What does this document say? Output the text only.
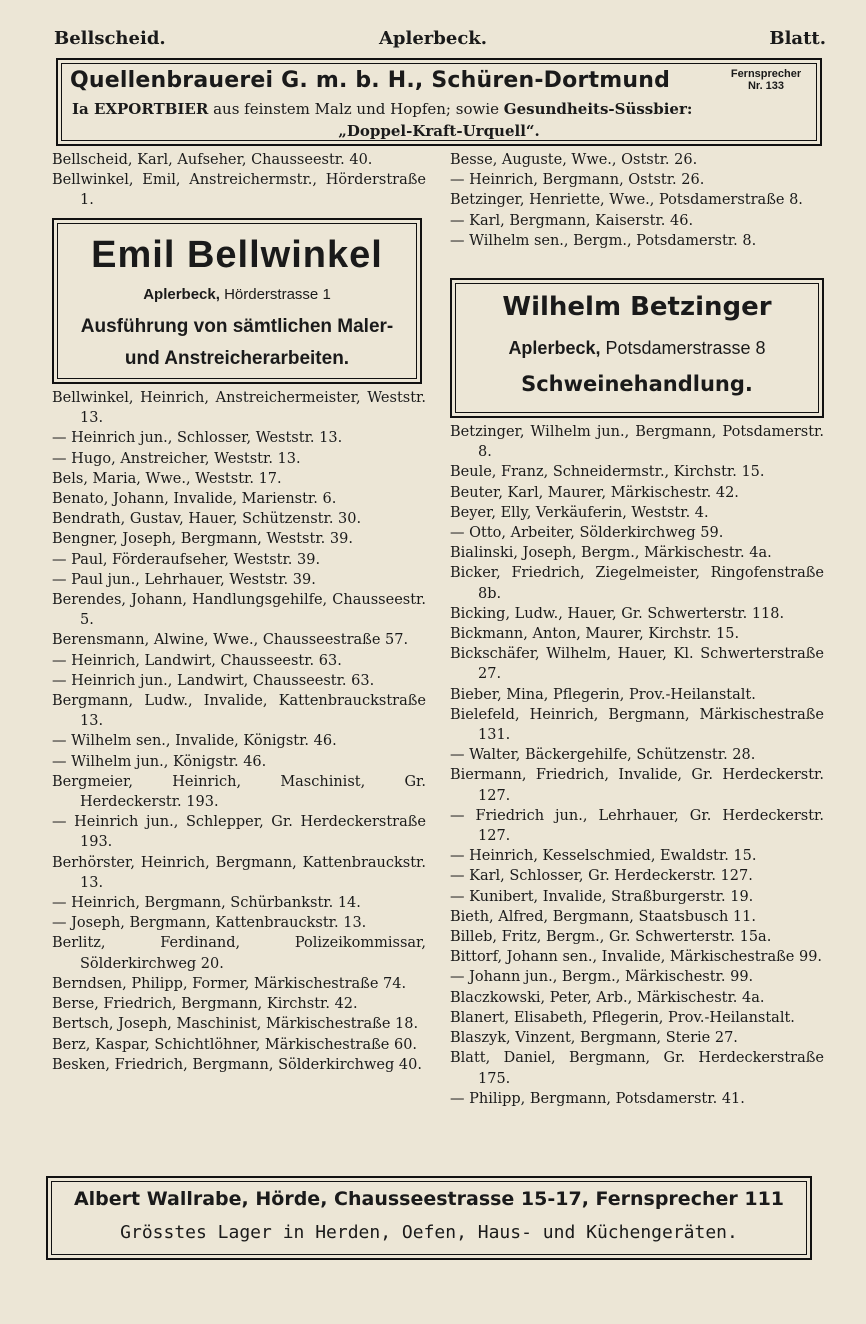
Bellscheid.	Aplerbeck.	Blatt.
Quellenbrauerei G. m. b. H., Schüren-Dortmund	Fernsprecher
Nr. 133
Ia EXPORTBIER aus feinstem Malz und Hopfen; sowie Gesundheits-Süssbier:
„Doppel-Kraft-Urquell“.
Bellscheid, Karl, Aufseher, Chausseestr. 40.
Bellwinkel, Emil, Anstreichermstr., Hörderstraße 1.
Emil Bellwinkel
Aplerbeck, Hörderstrasse 1
Ausführung von sämtlichen Maler-
und Anstreicherarbeiten.
Bellwinkel, Heinrich, Anstreichermeister, Weststr. 13.
— Heinrich jun., Schlosser, Weststr. 13.
— Hugo, Anstreicher, Weststr. 13.
Bels, Maria, Wwe., Weststr. 17.
Benato, Johann, Invalide, Marienstr. 6.
Bendrath, Gustav, Hauer, Schützenstr. 30.
Bengner, Joseph, Bergmann, Weststr. 39.
— Paul, Förderaufseher, Weststr. 39.
— Paul jun., Lehrhauer, Weststr. 39.
Berendes, Johann, Handlungsgehilfe, Chausseestr. 5.
Berensmann, Alwine, Wwe., Chausseestraße 57.
— Heinrich, Landwirt, Chausseestr. 63.
— Heinrich jun., Landwirt, Chausseestr. 63.
Bergmann, Ludw., Invalide, Kattenbrauckstraße 13.
— Wilhelm sen., Invalide, Königstr. 46.
— Wilhelm jun., Königstr. 46.
Bergmeier, Heinrich, Maschinist, Gr. Herdeckerstr. 193.
— Heinrich jun., Schlepper, Gr. Herdeckerstraße 193.
Berhörster, Heinrich, Bergmann, Kattenbrauckstr. 13.
— Heinrich, Bergmann, Schürbankstr. 14.
— Joseph, Bergmann, Kattenbrauckstr. 13.
Berlitz, Ferdinand, Polizeikommissar, Sölderkirchweg 20.
Berndsen, Philipp, Former, Märkischestraße 74.
Berse, Friedrich, Bergmann, Kirchstr. 42.
Bertsch, Joseph, Maschinist, Märkischestraße 18.
Berz, Kaspar, Schichtlöhner, Märkischestraße 60.
Besken, Friedrich, Bergmann, Sölderkirchweg 40.
Besse, Auguste, Wwe., Oststr. 26.
— Heinrich, Bergmann, Oststr. 26.
Betzinger, Henriette, Wwe., Potsdamerstraße 8.
— Karl, Bergmann, Kaiserstr. 46.
— Wilhelm sen., Bergm., Potsdamerstr. 8.
Wilhelm Betzinger
Aplerbeck, Potsdamerstrasse 8
Schweinehandlung.
Betzinger, Wilhelm jun., Bergmann, Potsdamerstr. 8.
Beule, Franz, Schneidermstr., Kirchstr. 15.
Beuter, Karl, Maurer, Märkischestr. 42.
Beyer, Elly, Verkäuferin, Weststr. 4.
— Otto, Arbeiter, Sölderkirchweg 59.
Bialinski, Joseph, Bergm., Märkischestr. 4a.
Bicker, Friedrich, Ziegelmeister, Ringofenstraße 8b.
Bicking, Ludw., Hauer, Gr. Schwerterstr. 118.
Bickmann, Anton, Maurer, Kirchstr. 15.
Bickschäfer, Wilhelm, Hauer, Kl. Schwerterstraße 27.
Bieber, Mina, Pflegerin, Prov.-Heilanstalt.
Bielefeld, Heinrich, Bergmann, Märkischestraße 131.
— Walter, Bäckergehilfe, Schützenstr. 28.
Biermann, Friedrich, Invalide, Gr. Herdeckerstr. 127.
— Friedrich jun., Lehrhauer, Gr. Herdeckerstr. 127.
— Heinrich, Kesselschmied, Ewaldstr. 15.
— Karl, Schlosser, Gr. Herdeckerstr. 127.
— Kunibert, Invalide, Straßburgerstr. 19.
Bieth, Alfred, Bergmann, Staatsbusch 11.
Billeb, Fritz, Bergm., Gr. Schwerterstr. 15a.
Bittorf, Johann sen., Invalide, Märkischestraße 99.
— Johann jun., Bergm., Märkischestr. 99.
Blaczkowski, Peter, Arb., Märkischestr. 4a.
Blanert, Elisabeth, Pflegerin, Prov.-Heilanstalt.
Blaszyk, Vinzent, Bergmann, Sterie 27.
Blatt, Daniel, Bergmann, Gr. Herdeckerstraße 175.
— Philipp, Bergmann, Potsdamerstr. 41.
Albert Wallrabe, Hörde, Chausseestrasse 15-17, Fernsprecher 111
Grösstes Lager in Herden, Oefen, Haus- und Küchengeräten.
